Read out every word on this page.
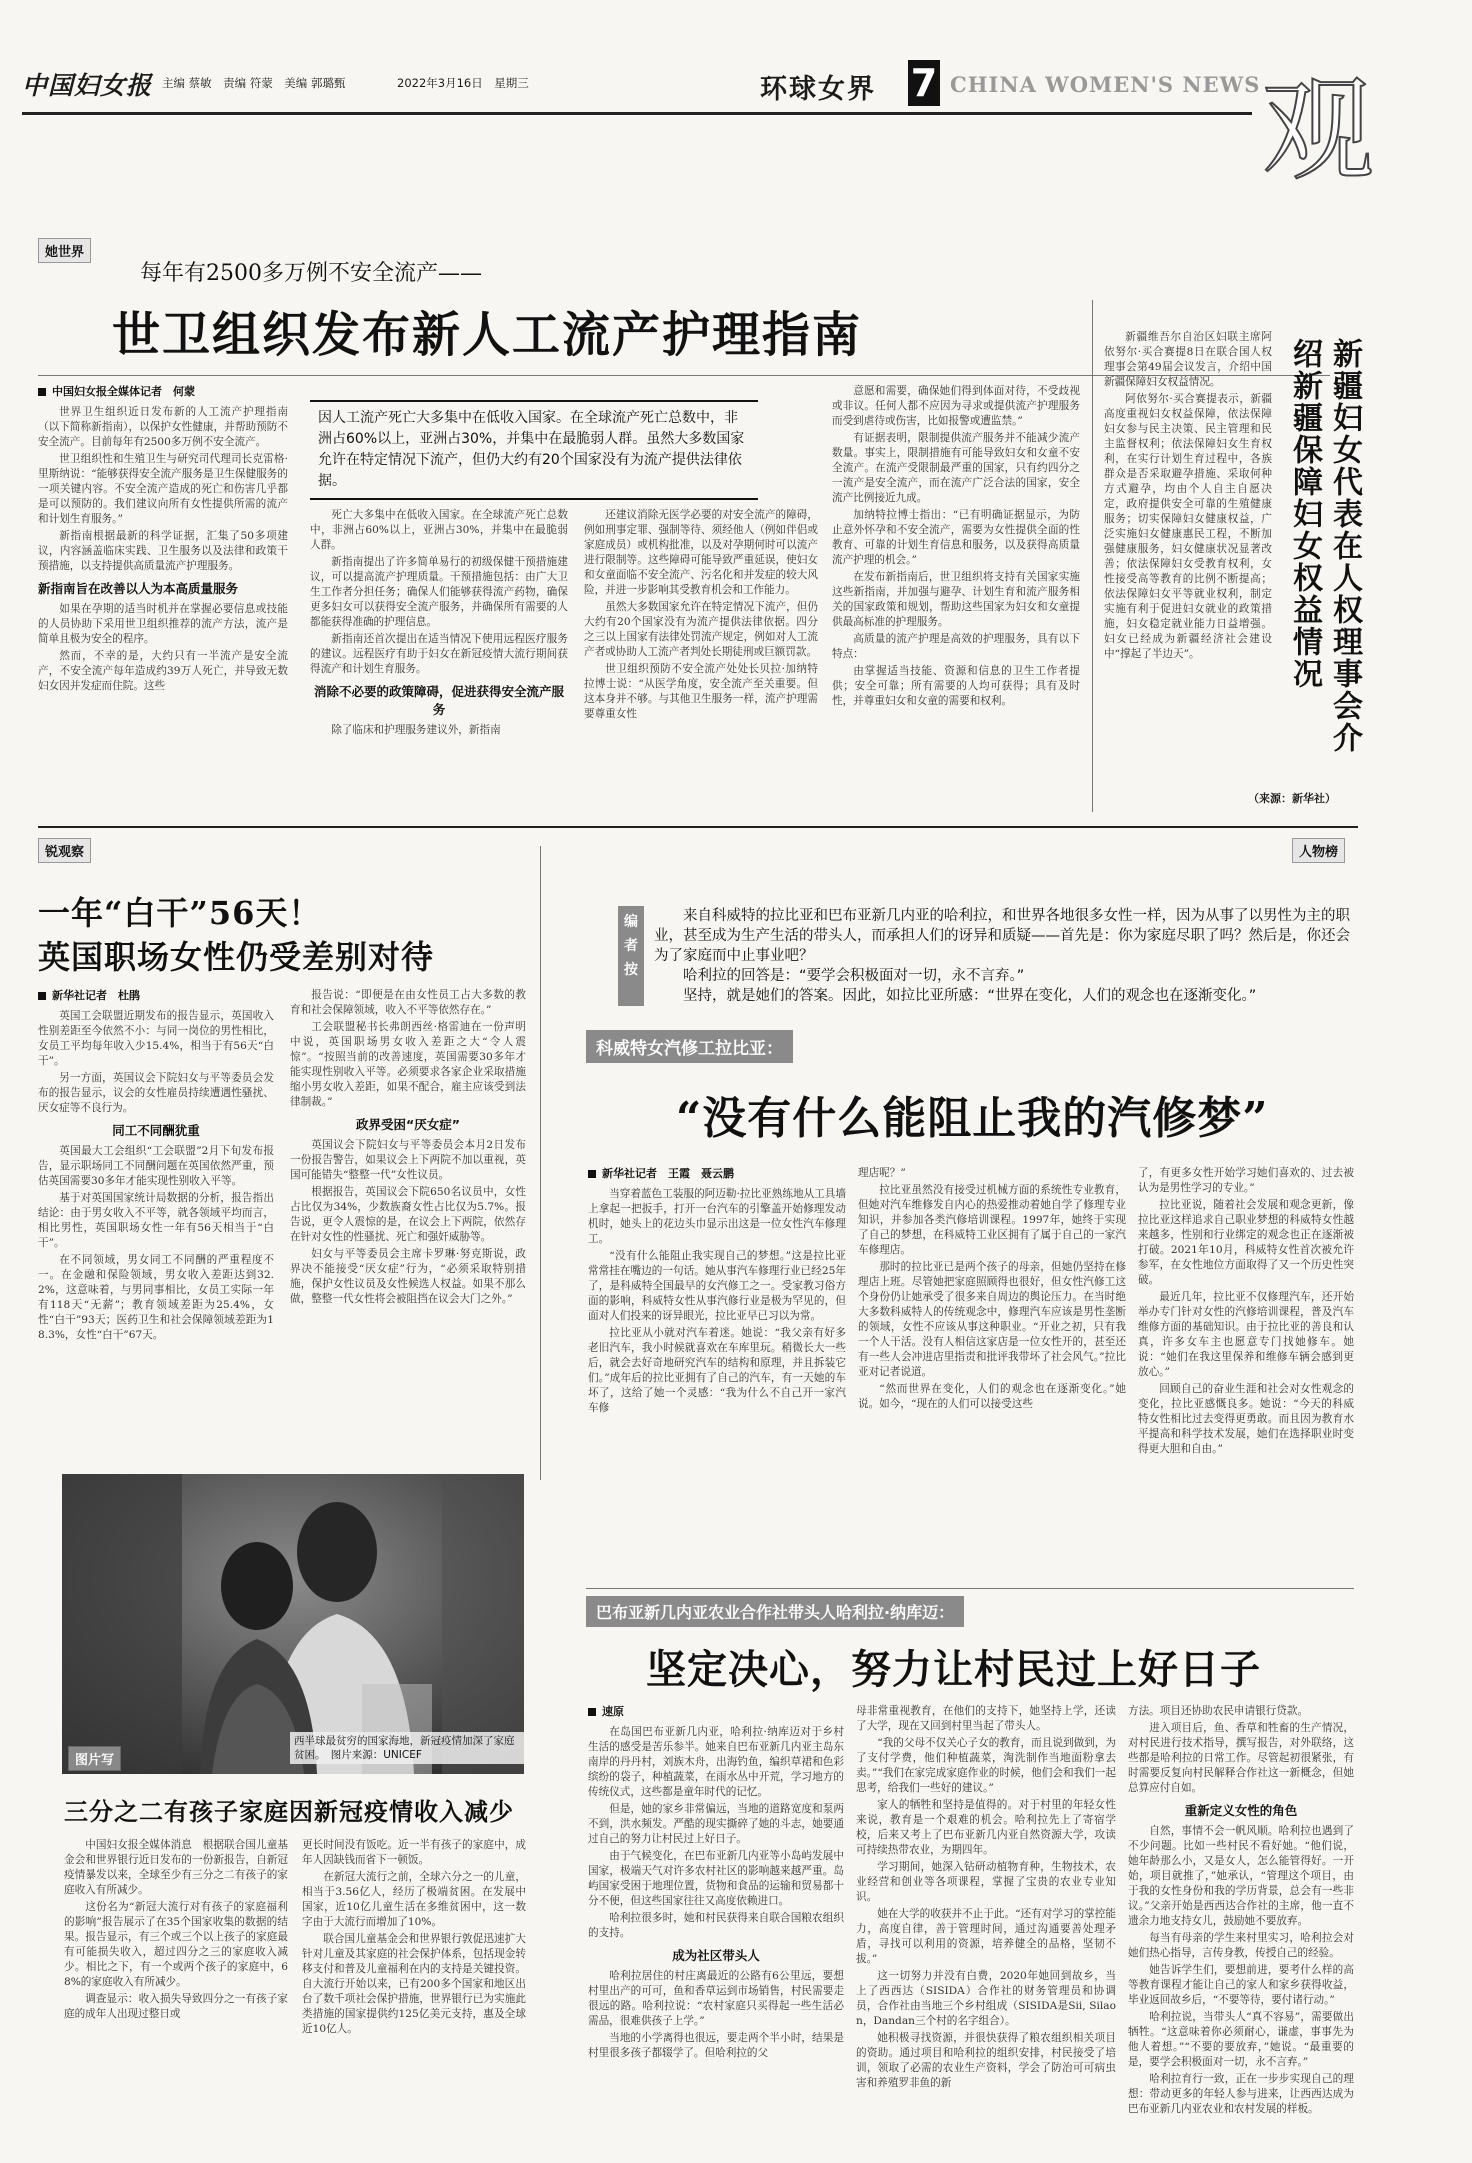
中国妇女报 主编 蔡敏　责编 符蒙　美编 郭璐甄	2022年3月16日　星期三	环球女界 7 CHINA WOMEN'S NEWS 观
她世界
每年有2500多万例不安全流产——
世卫组织发布新人工流产护理指南
中国妇女报全媒体记者　何蒙

世界卫生组织近日发布新的人工流产护理指南（以下简称新指南），以保护女性健康，并帮助预防不安全流产。目前每年有2500多万例不安全流产。

世卫组织性和生殖卫生与研究司代理司长克雷格·里斯纳说：“能够获得安全流产服务是卫生保健服务的一项关键内容。不安全流产造成的死亡和伤害几乎都是可以预防的。我们建议向所有女性提供所需的流产和计划生育服务。”

新指南根据最新的科学证据，汇集了50多项建议，内容涵盖临床实践、卫生服务以及法律和政策干预措施，以支持提供高质量流产护理服务。

新指南旨在改善以人为本高质量服务

如果在孕期的适当时机并在掌握必要信息或技能的人员协助下采用世卫组织推荐的流产方法，流产是简单且极为安全的程序。

然而，不幸的是，大约只有一半流产是安全流产，不安全流产每年造成约39万人死亡，并导致无数妇女因并发症而住院。这些

因人工流产死亡大多集中在低收入国家。在全球流产死亡总数中，非洲占60%以上，亚洲占30%，并集中在最脆弱人群。虽然大多数国家允许在特定情况下流产，但仍大约有20个国家没有为流产提供法律依据。

死亡大多集中在低收入国家。在全球流产死亡总数中，非洲占60%以上，亚洲占30%，并集中在最脆弱人群。

新指南提出了许多简单易行的初级保健干预措施建议，可以提高流产护理质量。干预措施包括：由广大卫生工作者分担任务；确保人们能够获得流产药物，确保更多妇女可以获得安全流产服务，并确保所有需要的人都能获得准确的护理信息。

新指南还首次提出在适当情况下使用远程医疗服务的建议。远程医疗有助于妇女在新冠疫情大流行期间获得流产和计划生育服务。

消除不必要的政策障碍，促进获得安全流产服务

除了临床和护理服务建议外，新指南

还建议消除无医学必要的对安全流产的障碍，例如刑事定罪、强制等待、须经他人（例如伴侣或家庭成员）或机构批准，以及对孕期何时可以流产进行限制等。这些障碍可能导致严重延误，使妇女和女童面临不安全流产、污名化和并发症的较大风险，并进一步影响其受教育机会和工作能力。

虽然大多数国家允许在特定情况下流产，但仍大约有20个国家没有为流产提供法律依据。四分之三以上国家有法律处罚流产规定，例如对人工流产者或协助人工流产者判处长期徒刑或巨额罚款。

世卫组织预防不安全流产处处长贝拉·加纳特拉博士说：“从医学角度，安全流产至关重要。但这本身并不够。与其他卫生服务一样，流产护理需要尊重女性

意愿和需要，确保她们得到体面对待，不受歧视或非议。任何人都不应因为寻求或提供流产护理服务而受到虐待或伤害，比如报警或遭监禁。”

有证据表明，限制提供流产服务并不能减少流产数量。事实上，限制措施有可能导致妇女和女童不安全流产。在流产受限制最严重的国家，只有约四分之一流产是安全流产，而在流产广泛合法的国家，安全流产比例接近九成。

加纳特拉博士指出：“已有明确证据显示，为防止意外怀孕和不安全流产，需要为女性提供全面的性教育、可靠的计划生育信息和服务，以及获得高质量流产护理的机会。”

在发布新指南后，世卫组织将支持有关国家实施这些新指南，并加强与避孕、计划生育和流产服务相关的国家政策和规划，帮助这些国家为妇女和女童提供最高标准的护理服务。

高质量的流产护理是高效的护理服务，具有以下特点：

由掌握适当技能、资源和信息的卫生工作者提供；安全可靠；所有需要的人均可获得；具有及时性，并尊重妇女和女童的需要和权利。

新疆维吾尔自治区妇联主席阿依努尔·买合赛提8日在联合国人权理事会第49届会议发言，介绍中国新疆保障妇女权益情况。

阿依努尔·买合赛提表示，新疆高度重视妇女权益保障，依法保障妇女参与民主决策、民主管理和民主监督权利；依法保障妇女生育权利，在实行计划生育过程中，各族群众是否采取避孕措施、采取何种方式避孕，均由个人自主自愿决定，政府提供安全可靠的生殖健康服务；切实保障妇女健康权益，广泛实施妇女健康惠民工程，不断加强健康服务，妇女健康状况显著改善；依法保障妇女受教育权利，女性接受高等教育的比例不断提高；依法保障妇女平等就业权利，制定实施有利于促进妇女就业的政策措施，妇女稳定就业能力日益增强。妇女已经成为新疆经济社会建设中“撑起了半边天”。	新疆妇女代表在人权理事会介绍新疆保障妇女权益情况
（来源：新华社）
锐观察	人物榜
一年“白干”56天！
英国职场女性仍受差别对待
新华社记者　杜鹃

英国工会联盟近期发布的报告显示，英国收入性别差距至今依然不小：与同一岗位的男性相比，女员工平均每年收入少15.4%，相当于有56天“白干”。

另一方面，英国议会下院妇女与平等委员会发布的报告显示，议会的女性雇员持续遭遇性骚扰、厌女症等不良行为。

同工不同酬犹重

英国最大工会组织“工会联盟”2月下旬发布报告，显示职场同工不同酬问题在英国依然严重，预估英国需要30多年才能实现性别收入平等。

基于对英国国家统计局数据的分析，报告指出结论：由于男女收入不平等，就各领域平均而言，相比男性，英国职场女性一年有56天相当于“白干”。

在不同领域，男女同工不同酬的严重程度不一。在金融和保险领域，男女收入差距达到32.2%，这意味着，与男同事相比，女员工实际一年有118天“无薪”；教育领域差距为25.4%，女性“白干”93天；医药卫生和社会保障领域差距为18.3%，女性“白干”67天。

报告说：“即便是在由女性员工占大多数的教育和社会保障领域，收入不平等依然存在。”

工会联盟秘书长弗朗西丝·格雷迪在一份声明中说，英国职场男女收入差距之大“令人震惊”。“按照当前的改善速度，英国需要30多年才能实现性别收入平等。必须要求各家企业采取措施缩小男女收入差距，如果不配合，雇主应该受到法律制裁。”

政界受困“厌女症”

英国议会下院妇女与平等委员会本月2日发布一份报告警告，如果议会上下两院不加以重视，英国可能错失“整整一代”女性议员。

根据报告，英国议会下院650名议员中，女性占比仅为34%，少数族裔女性占比仅为5.7%。报告说，更令人震惊的是，在议会上下两院，依然存在针对女性的性骚扰、死亡和强奸威胁等。

妇女与平等委员会主席卡罗琳·努克斯说，政界决不能接受“厌女症”行为，“必须采取特别措施，保护女性议员及女性候选人权益。如果不那么做，整整一代女性将会被阻挡在议会大门之外。”

编者按

来自科威特的拉比亚和巴布亚新几内亚的哈利拉，和世界各地很多女性一样，因为从事了以男性为主的职业，甚至成为生产生活的带头人，而承担人们的讶异和质疑——首先是：你为家庭尽职了吗？然后是，你还会为了家庭而中止事业吧？

哈利拉的回答是：“要学会积极面对一切，永不言弃。”

坚持，就是她们的答案。因此，如拉比亚所感：“世界在变化，人们的观念也在逐渐变化。”

科威特女汽修工拉比亚：
“没有什么能阻止我的汽修梦”
新华社记者　王霞　聂云鹏

当穿着蓝色工装服的阿迈勒·拉比亚熟练地从工具墙上拿起一把扳手，打开一台汽车的引擎盖开始修理发动机时，她头上的花边头巾显示出这是一位女性汽车修理工。

“没有什么能阻止我实现自己的梦想。”这是拉比亚常常挂在嘴边的一句话。她从事汽车修理行业已经25年了，是科威特全国最早的女汽修工之一。受家教习俗方面的影响，科威特女性从事汽修行业是极为罕见的，但面对人们投来的讶异眼光，拉比亚早已习以为常。

拉比亚从小就对汽车着迷。她说：“我父亲有好多老旧汽车，我小时候就喜欢在车库里玩。稍微长大一些后，就会去好奇地研究汽车的结构和原理，并且拆装它们。”成年后的拉比亚拥有了自己的汽车，有一天她的车坏了，这给了她一个灵感：“我为什么不自己开一家汽车修

理店呢？”

拉比亚虽然没有接受过机械方面的系统性专业教育，但她对汽车维修发自内心的热爱推动着她自学了修理专业知识，并参加各类汽修培训课程。1997年，她终于实现了自己的梦想，在科威特工业区拥有了属于自己的一家汽车修理店。

那时的拉比亚已是两个孩子的母亲，但她仍坚持在修理店上班。尽管她把家庭照顾得也很好，但女性汽修工这个身份仍让她承受了很多来自周边的舆论压力。在当时绝大多数科威特人的传统观念中，修理汽车应该是男性垄断的领域，女性不应该从事这种职业。“开业之初，只有我一个人干活。没有人相信这家店是一位女性开的，甚至还有一些人会冲进店里指责和批评我带坏了社会风气。”拉比亚对记者说道。

“然而世界在变化，人们的观念也在逐渐变化。”她说。如今，“现在的人们可以接受这些

了，有更多女性开始学习她们喜欢的、过去被认为是男性学习的专业。”

拉比亚说，随着社会发展和观念更新，像拉比亚这样追求自己职业梦想的科威特女性越来越多，性别和行业绑定的观念也正在逐渐被打破。2021年10月，科威特女性首次被允许参军，在女性地位方面取得了又一个历史性突破。

最近几年，拉比亚不仅修理汽车，还开始举办专门针对女性的汽修培训课程，普及汽车维修方面的基础知识。由于拉比亚的善良和认真，许多女车主也愿意专门找她修车。她说：“她们在我这里保养和维修车辆会感到更放心。”

回顾自己的奋业生涯和社会对女性观念的变化，拉比亚感慨良多。她说：“今天的科威特女性相比过去变得更勇敢。而且因为教育水平提高和科学技术发展，她们在选择职业时变得更大胆和自由。”

西半球最贫穷的国家海地，新冠疫情加深了家庭贫困。　图片来源：UNICEF
图片写
三分之二有孩子家庭因新冠疫情收入减少

中国妇女报全媒体消息　根据联合国儿童基金会和世界银行近日发布的一份新报告，自新冠疫情暴发以来，全球至少有三分之二有孩子的家庭收入有所减少。

这份名为“新冠大流行对有孩子的家庭福利的影响”报告展示了在35个国家收集的数据的结果。报告显示，有三个或三个以上孩子的家庭最有可能损失收入，超过四分之三的家庭收入减少。相比之下，有一个或两个孩子的家庭中，68%的家庭收入有所减少。

调查显示：收入损失导致四分之一有孩子家庭的成年人出现过整日或

更长时间没有饭吃。近一半有孩子的家庭中，成年人因缺钱而省下一顿饭。

在新冠大流行之前，全球六分之一的儿童，相当于3.56亿人，经历了极端贫困。在发展中国家，近10亿儿童生活在多维贫困中，这一数字由于大流行而增加了10%。

联合国儿童基金会和世界银行敦促迅速扩大针对儿童及其家庭的社会保护体系，包括现金转移支付和普及儿童福利在内的支持是关键投资。自大流行开始以来，已有200多个国家和地区出台了数千项社会保护措施，世界银行已为实施此类措施的国家提供约125亿美元支持，惠及全球近10亿人。

巴布亚新几内亚农业合作社带头人哈利拉·纳库迈：
坚定决心，努力让村民过上好日子
速原

在岛国巴布亚新几内亚，哈利拉·纳库迈对于乡村生活的感受是苦乐参半。她来自巴布亚新几内亚主岛东南岸的丹丹村，刘族木舟，出海钓鱼，编织草裙和色彩缤纷的袋子，种植蔬菜，在雨水丛中开荒，学习地方的传统仪式，这些都是童年时代的记忆。

但是，她的家乡非常偏远，当地的道路宽度和泵两不到，洪水频发。严酷的现实撕碎了她的斗志，她要通过自己的努力让村民过上好日子。

由于气候变化，在巴布亚新几内亚等小岛屿发展中国家，极端天气对许多农村社区的影响越来越严重。岛屿国家受困于地理位置，货物和食品的运输和贸易都十分不便，但这些国家往往又高度依赖进口。

哈利拉很多时，她和村民获得来自联合国粮农组织的支持。

成为社区带头人

哈利拉居住的村庄离最近的公路有6公里远，要想村里出产的可可，鱼和香草运到市场销售，村民需要走很远的路。哈利拉说：“农村家庭只买得起一些生活必需品，很难供孩子上学。”

当地的小学离得也很远，要走两个半小时，结果是村里很多孩子都辍学了。但哈利拉的父

母非常重视教育，在他们的支持下，她坚持上学，还读了大学，现在又回到村里当起了带头人。

“我的父母不仅关心子女的教育，而且说到做到，为了支付学费，他们种植蔬菜，淘洗制作当地面粉拿去卖。”“我们在家完成家庭作业的时候，他们会和我们一起思考，给我们一些好的建议。”

家人的牺牲和坚持是值得的。对于村里的年轻女性来说，教育是一个艰难的机会。哈利拉先上了寄宿学校，后来又考上了巴布亚新几内亚自然资源大学，攻读可持续热带农业，为期四年。

学习期间，她深入钻研动植物育种，生物技术，农业经营和创业等各项课程，掌握了宝贵的农业专业知识。

她在大学的收获并不止于此。“还有对学习的掌控能力，高度自律，善于管理时间，通过沟通要善处理矛盾，寻找可以利用的资源，培养健全的品格，坚韧不拔。”

这一切努力并没有白费，2020年她回到故乡，当上了西西达（SISIDA）合作社的财务管理员和协调员，合作社由当地三个乡村组成（SISIDA是Sii, Silaon，Dandan三个村的名字组合）。

她积极寻找资源，并很快获得了粮农组织相关项目的资助。通过项目和哈利拉的组织安排，村民接受了培训，领取了必需的农业生产资料，学会了防治可可病虫害和养殖罗非鱼的新

方法。项目还协助农民申请银行贷款。

进入项目后，鱼、香草和牲畜的生产情况，对村民进行技术指导，撰写报告，对外联络，这些都是哈利拉的日常工作。尽管起初很紧张，有时需要反复向村民解释合作社这一新概念，但她总算应付自如。

重新定义女性的角色

自然，事情不会一帆风顺。哈利拉也遇到了不少问题。比如一些村民不看好她。“他们说，她年龄那么小，又是女人，怎么能管得好。一开始，项目就推了，”她承认，“管理这个项目，由于我的女性身份和我的学历背景，总会有一些非议。”父亲开始是西西达合作社的主席，他一直不遗余力地支持女儿，鼓励她不要放弃。

每当有母亲的学生来村里实习，哈利拉会对她们热心指导，言传身教，传授自己的经验。

她告诉学生们，要想前进，要考什么样的高等教育课程才能让自己的家人和家乡获得收益，毕业返回故乡后，“不要等待，要付诸行动。”

哈利拉说，当带头人“真不容易”，需要做出牺牲。“这意味着你必须耐心，谦虚，事事先为他人着想。”“不要的要放弃，”她说。“最重要的是，要学会积极面对一切，永不言弃。”

哈利拉育行一致，正在一步步实现自己的理想：带动更多的年轻人参与进来，让西西达成为巴布亚新几内亚农业和农村发展的样板。
